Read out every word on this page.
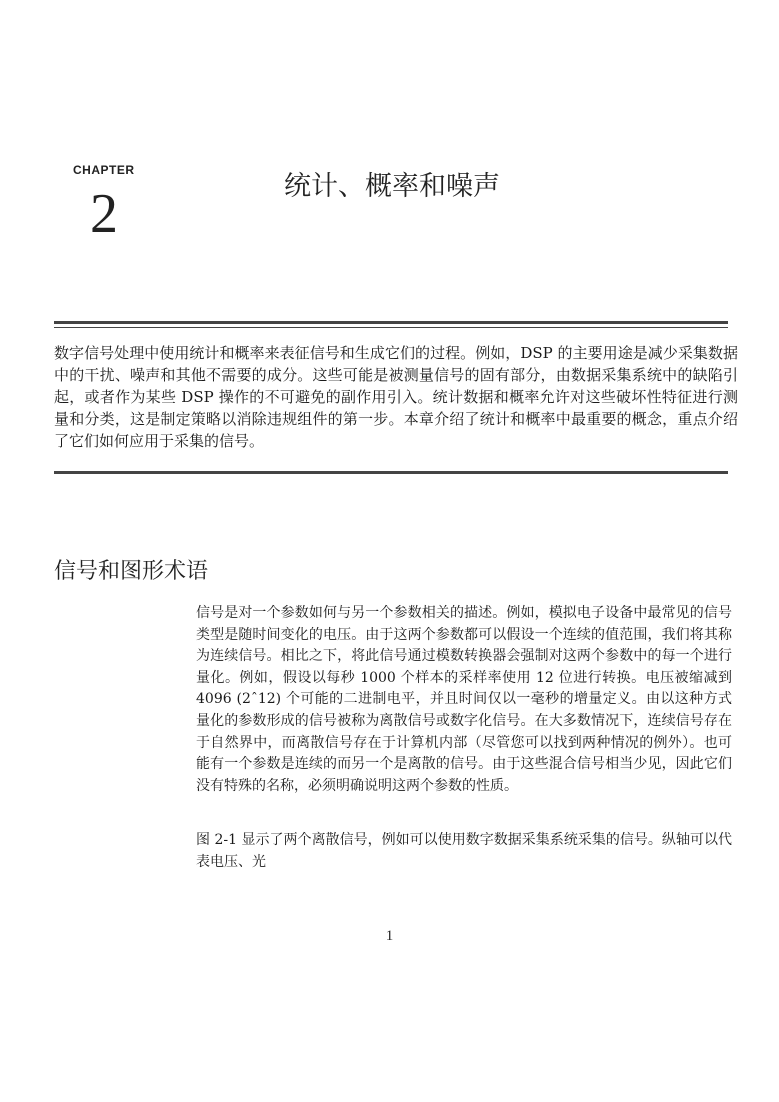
CHAPTER
2	统计、概率和噪声
数字信号处理中使用统计和概率来表征信号和生成它们的过程。例如，DSP 的主要用途是减少采集数据中的干扰、噪声和其他不需要的成分。这些可能是被测量信号的固有部分，由数据采集系统中的缺陷引起，或者作为某些 DSP 操作的不可避免的副作用引入。统计数据和概率允许对这些破坏性特征进行测量和分类，这是制定策略以消除违规组件的第一步。本章介绍了统计和概率中最重要的概念，重点介绍了它们如何应用于采集的信号。
信号和图形术语
信号是对一个参数如何与另一个参数相关的描述。例如，模拟电子设备中最常见的信号类型是随时间变化的电压。由于这两个参数都可以假设一个连续的值范围，我们将其称为连续信号。相比之下，将此信号通过模数转换器会强制对这两个参数中的每一个进行量化。例如，假设以每秒 1000 个样本的采样率使用 12 位进行转换。电压被缩减到 4096 (2ˆ12) 个可能的二进制电平，并且时间仅以一毫秒的增量定义。由以这种方式量化的参数形成的信号被称为离散信号或数字化信号。在大多数情况下，连续信号存在于自然界中，而离散信号存在于计算机内部（尽管您可以找到两种情况的例外）。也可能有一个参数是连续的而另一个是离散的信号。由于这些混合信号相当少见，因此它们没有特殊的名称，必须明确说明这两个参数的性质。
图 2-1 显示了两个离散信号，例如可以使用数字数据采集系统采集的信号。纵轴可以代表电压、光
1
